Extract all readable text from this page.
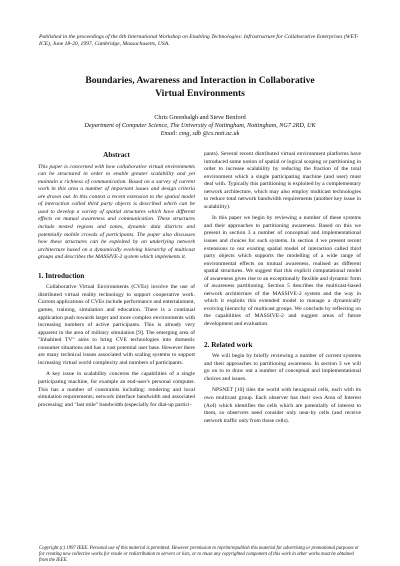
Published in the proceedings of the 6th International Workshop on Enabling Technologies: Infrastructure for Collaborative Enterprises (WET-ICE), June 18-20, 1997, Cambridge, Massachusetts, USA.
Boundaries, Awareness and Interaction in Collaborative
Virtual Environments
Chris Greenhalgh and Steve Benford
Department of Computer Science, The University of Nottingham, Nottingham, NG7 2RD, UK
Email: cmg, sdb @cs.nott.ac.uk
Abstract

This paper is concerned with how collaborative virtual environments can be structured in order to enable greater scalability and yet maintain a richness of communication. Based on a survey of current work in this area a number of important issues and design criteria are drawn out. In this context a recent extension to the spatial model of interaction called third party objects is described which can be used to develop a variety of spatial structures which have different effects on mutual awareness and communication. These structures include nested regions and zones, dynamic data districts and potentially mobile crowds of participants. The paper also discusses how these structures can be exploited by an underlying network architecture based on a dynamically evolving hierarchy of multicast groups and describes the MASSIVE-2 system which implements it.

1. Introduction

Collaborative Virtual Environments (CVEs) involve the use of distributed virtual reality technology to support cooperative work. Current applications of CVEs include performance and entertainment, games, training, simulation and education. There is a continual application push towards larger and more complex environments with increasing numbers of active participants. This is already very apparent in the area of military simulation [9]. The emerging area of "Inhabited TV" aims to bring CVE technologies into domestic consumer situations and has a vast potential user base. However there are many technical issues associated with scaling systems to support increasing virtual world complexity and numbers of participants.

A key issue in scalability concerns the capabilities of a single participating machine, for example an end-user's personal computer. This has a number of constraints including: rendering and local simulation requirements; network interface bandwidth and associated processing; and "last mile" bandwidth (especially for dial-up partici-

pants). Several recent distributed virtual environment platforms have introduced some notion of spatial or logical scoping or partitioning in order to increase scalability by reducing the fraction of the total environment which a single participating machine (and user) must deal with. Typically this partitioning is exploited by a complementary network architecture, which may also employ multicast technologies to reduce total network bandwidth requirements (another key issue in scalability).

In this paper we begin by reviewing a number of these systems and their approaches to partitioning awareness. Based on this we present in section 3 a number of conceptual and implementational issues and choices for such systems. In section 4 we present recent extensions to our existing spatial model of interaction called third party objects which supports the modelling of a wide range of environmental effects on mutual awareness, realised as different spatial structures. We suggest that this explicit computational model of awareness gives rise to an exceptionally flexible and dynamic form of awareness partitioning. Section 5 describes the multicast-based network architecture of the MASSIVE-2 system and the way in which it exploits this extended model to manage a dynamically evolving hierarchy of multicast groups. We conclude by reflecting on the capabilities of MASSIVE-2 and suggest areas of future development and evaluation.

2. Related work

We will begin by briefly reviewing a number of current systems and their approaches to partitioning awareness. In section 3 we will go on to to draw out a number of conceptual and implementational choices and issues.

NPSNET [10] tiles the world with hexagonal cells, each with its own multicast group. Each observer has their own Area of Interest (AoI) which identifies the cells which are potentially of interest to them, so observers need consider only near-by cells (and receive network traffic only from those cells).

Copyright (c) 1997 IEEE. Personal use of this material is permitted. However permission to reprint/republish this material for advertising or promotional purposes or for creating new collective works for resale or redistribution to servers or lists, or to reuse any copyrighted component of this work in other works must be obtained from the IEEE.
